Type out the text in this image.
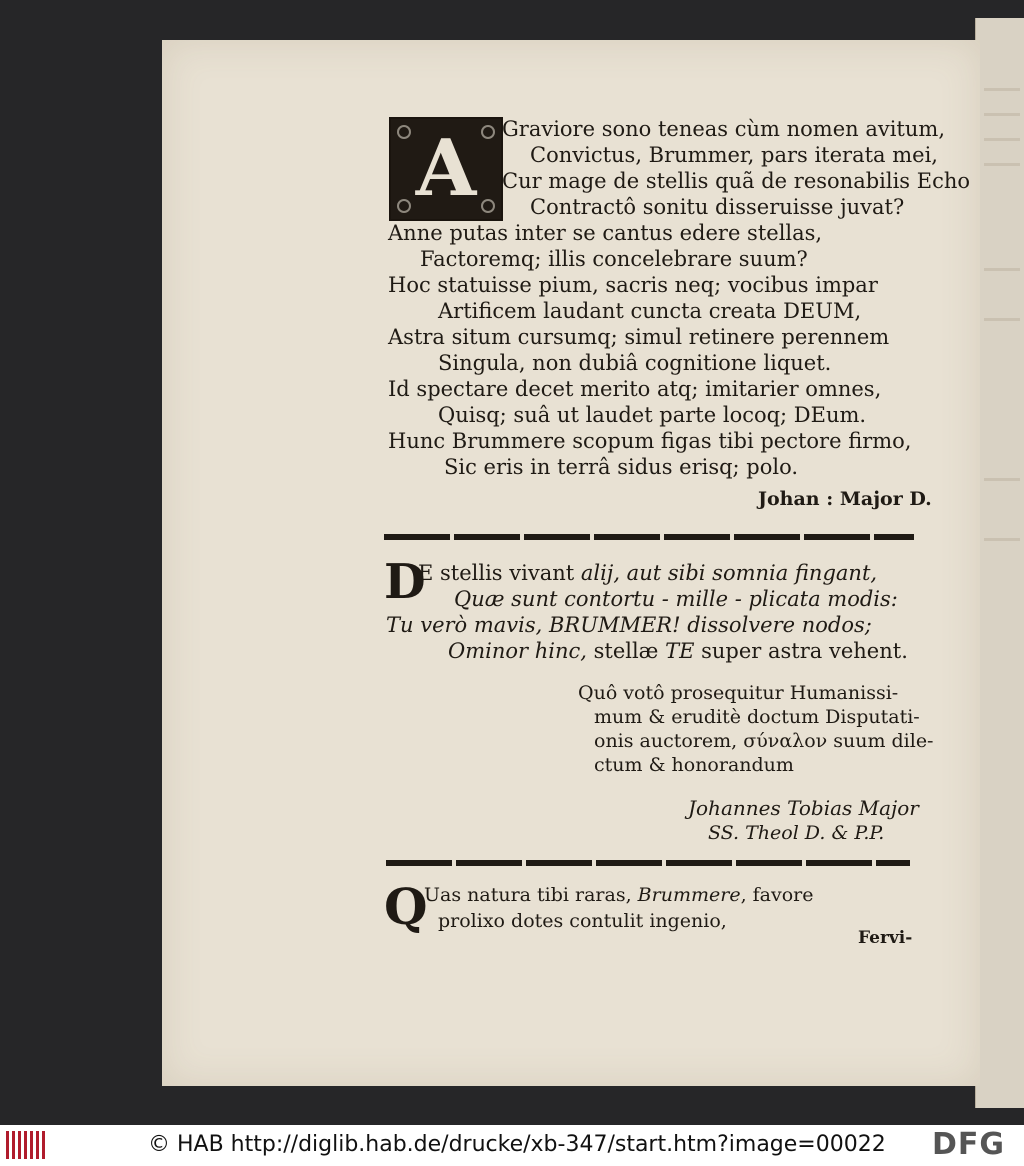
A	Graviore sono teneas cùm nomen avitum,
Convictus, Brummer, pars iterata mei,
Cur mage de stellis quã de resonabilis Echo
Contractô sonitu disseruisse juvat?
Anne putas inter se cantus edere stellas,
Factoremq; illis concelebrare suum?
Hoc statuisse pium, sacris neq; vocibus impar
Artificem laudant cuncta creata DEUM,
Astra situm cursumq; simul retinere perennem
Singula, non dubiâ cognitione liquet.
Id spectare decet merito atq; imitarier omnes,
Quisq; suâ ut laudet parte locoq; DEum.
Hunc Brummere scopum figas tibi pectore firmo,
Sic eris in terrâ sidus erisq; polo.
Johan : Major D.
D
E stellis vivant alij, aut sibi somnia fingant,
Quæ sunt contortu - mille - plicata modis:
Tu verò mavis, BRUMMER! dissolvere nodos;
Ominor hinc, stellæ TE super astra vehent.
Quô votô prosequitur Humanissi-
mum & eruditè doctum Disputati-
onis auctorem, σύναλον suum dile-
ctum & honorandum
Johannes Tobias Major
SS. Theol D. & P.P.
Q
Uas natura tibi raras, Brummere, favore
prolixo dotes contulit ingenio,
Fervi-
© HAB http://diglib.hab.de/drucke/xb-347/start.htm?image=00022 DFG
